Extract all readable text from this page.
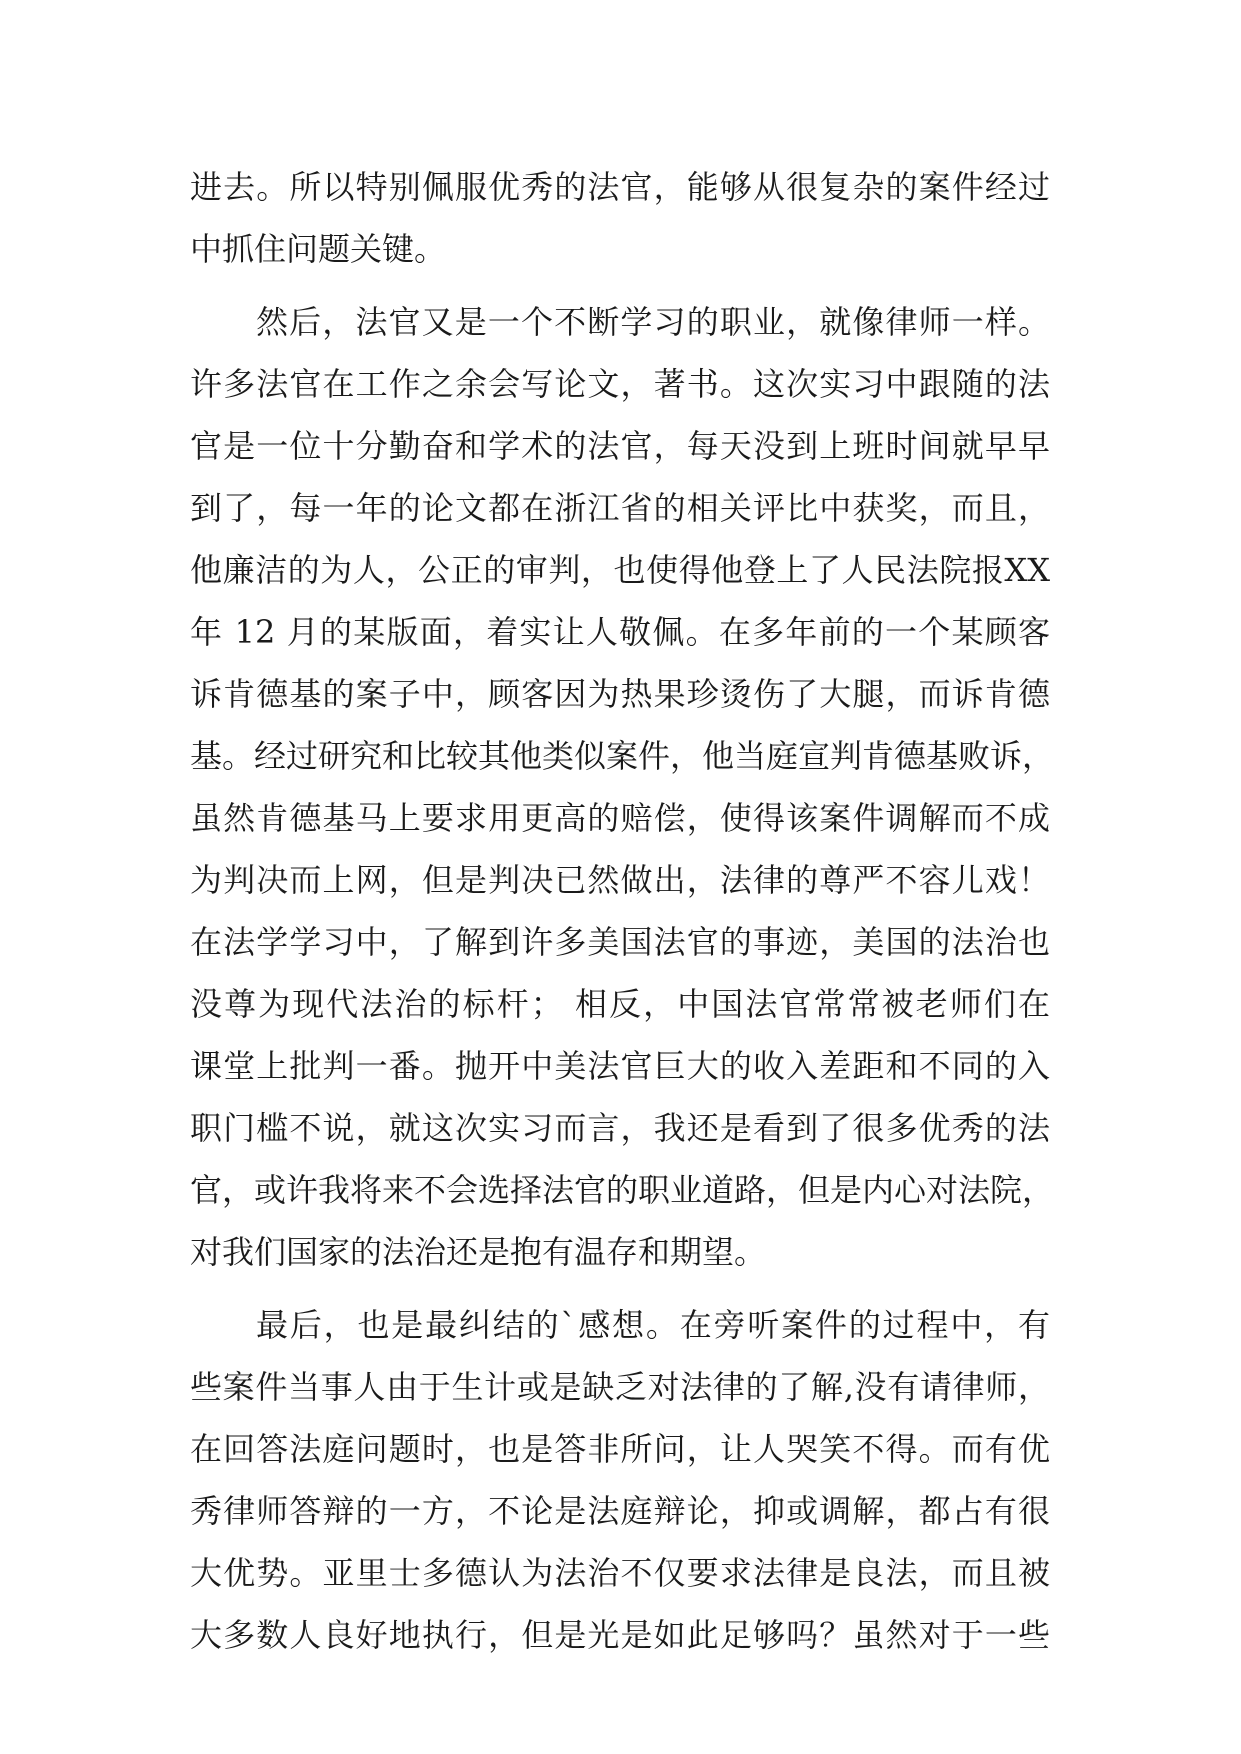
进去。所以特别佩服优秀的法官，能够从很复杂的案件经过
中抓住问题关键。
然后，法官又是一个不断学习的职业，就像律师一样。
许多法官在工作之余会写论文，著书。这次实习中跟随的法
官是一位十分勤奋和学术的法官，每天没到上班时间就早早
到了，每一年的论文都在浙江省的相关评比中获奖，而且，
他廉洁的为人，公正的审判，也使得他登上了人民法院报XX
年 12 月的某版面，着实让人敬佩。在多年前的一个某顾客
诉肯德基的案子中，顾客因为热果珍烫伤了大腿，而诉肯德
基。经过研究和比较其他类似案件，他当庭宣判肯德基败诉，
虽然肯德基马上要求用更高的赔偿，使得该案件调解而不成
为判决而上网，但是判决已然做出，法律的尊严不容儿戏！
在法学学习中，了解到许多美国法官的事迹，美国的法治也
没尊为现代法治的标杆； 相反，中国法官常常被老师们在
课堂上批判一番。抛开中美法官巨大的收入差距和不同的入
职门槛不说，就这次实习而言，我还是看到了很多优秀的法
官，或许我将来不会选择法官的职业道路，但是内心对法院，
对我们国家的法治还是抱有温存和期望。
最后，也是最纠结的`感想。在旁听案件的过程中，有
些案件当事人由于生计或是缺乏对法律的了解,没有请律师，
在回答法庭问题时，也是答非所问，让人哭笑不得。而有优
秀律师答辩的一方，不论是法庭辩论，抑或调解，都占有很
大优势。亚里士多德认为法治不仅要求法律是良法，而且被
大多数人良好地执行，但是光是如此足够吗？虽然对于一些
